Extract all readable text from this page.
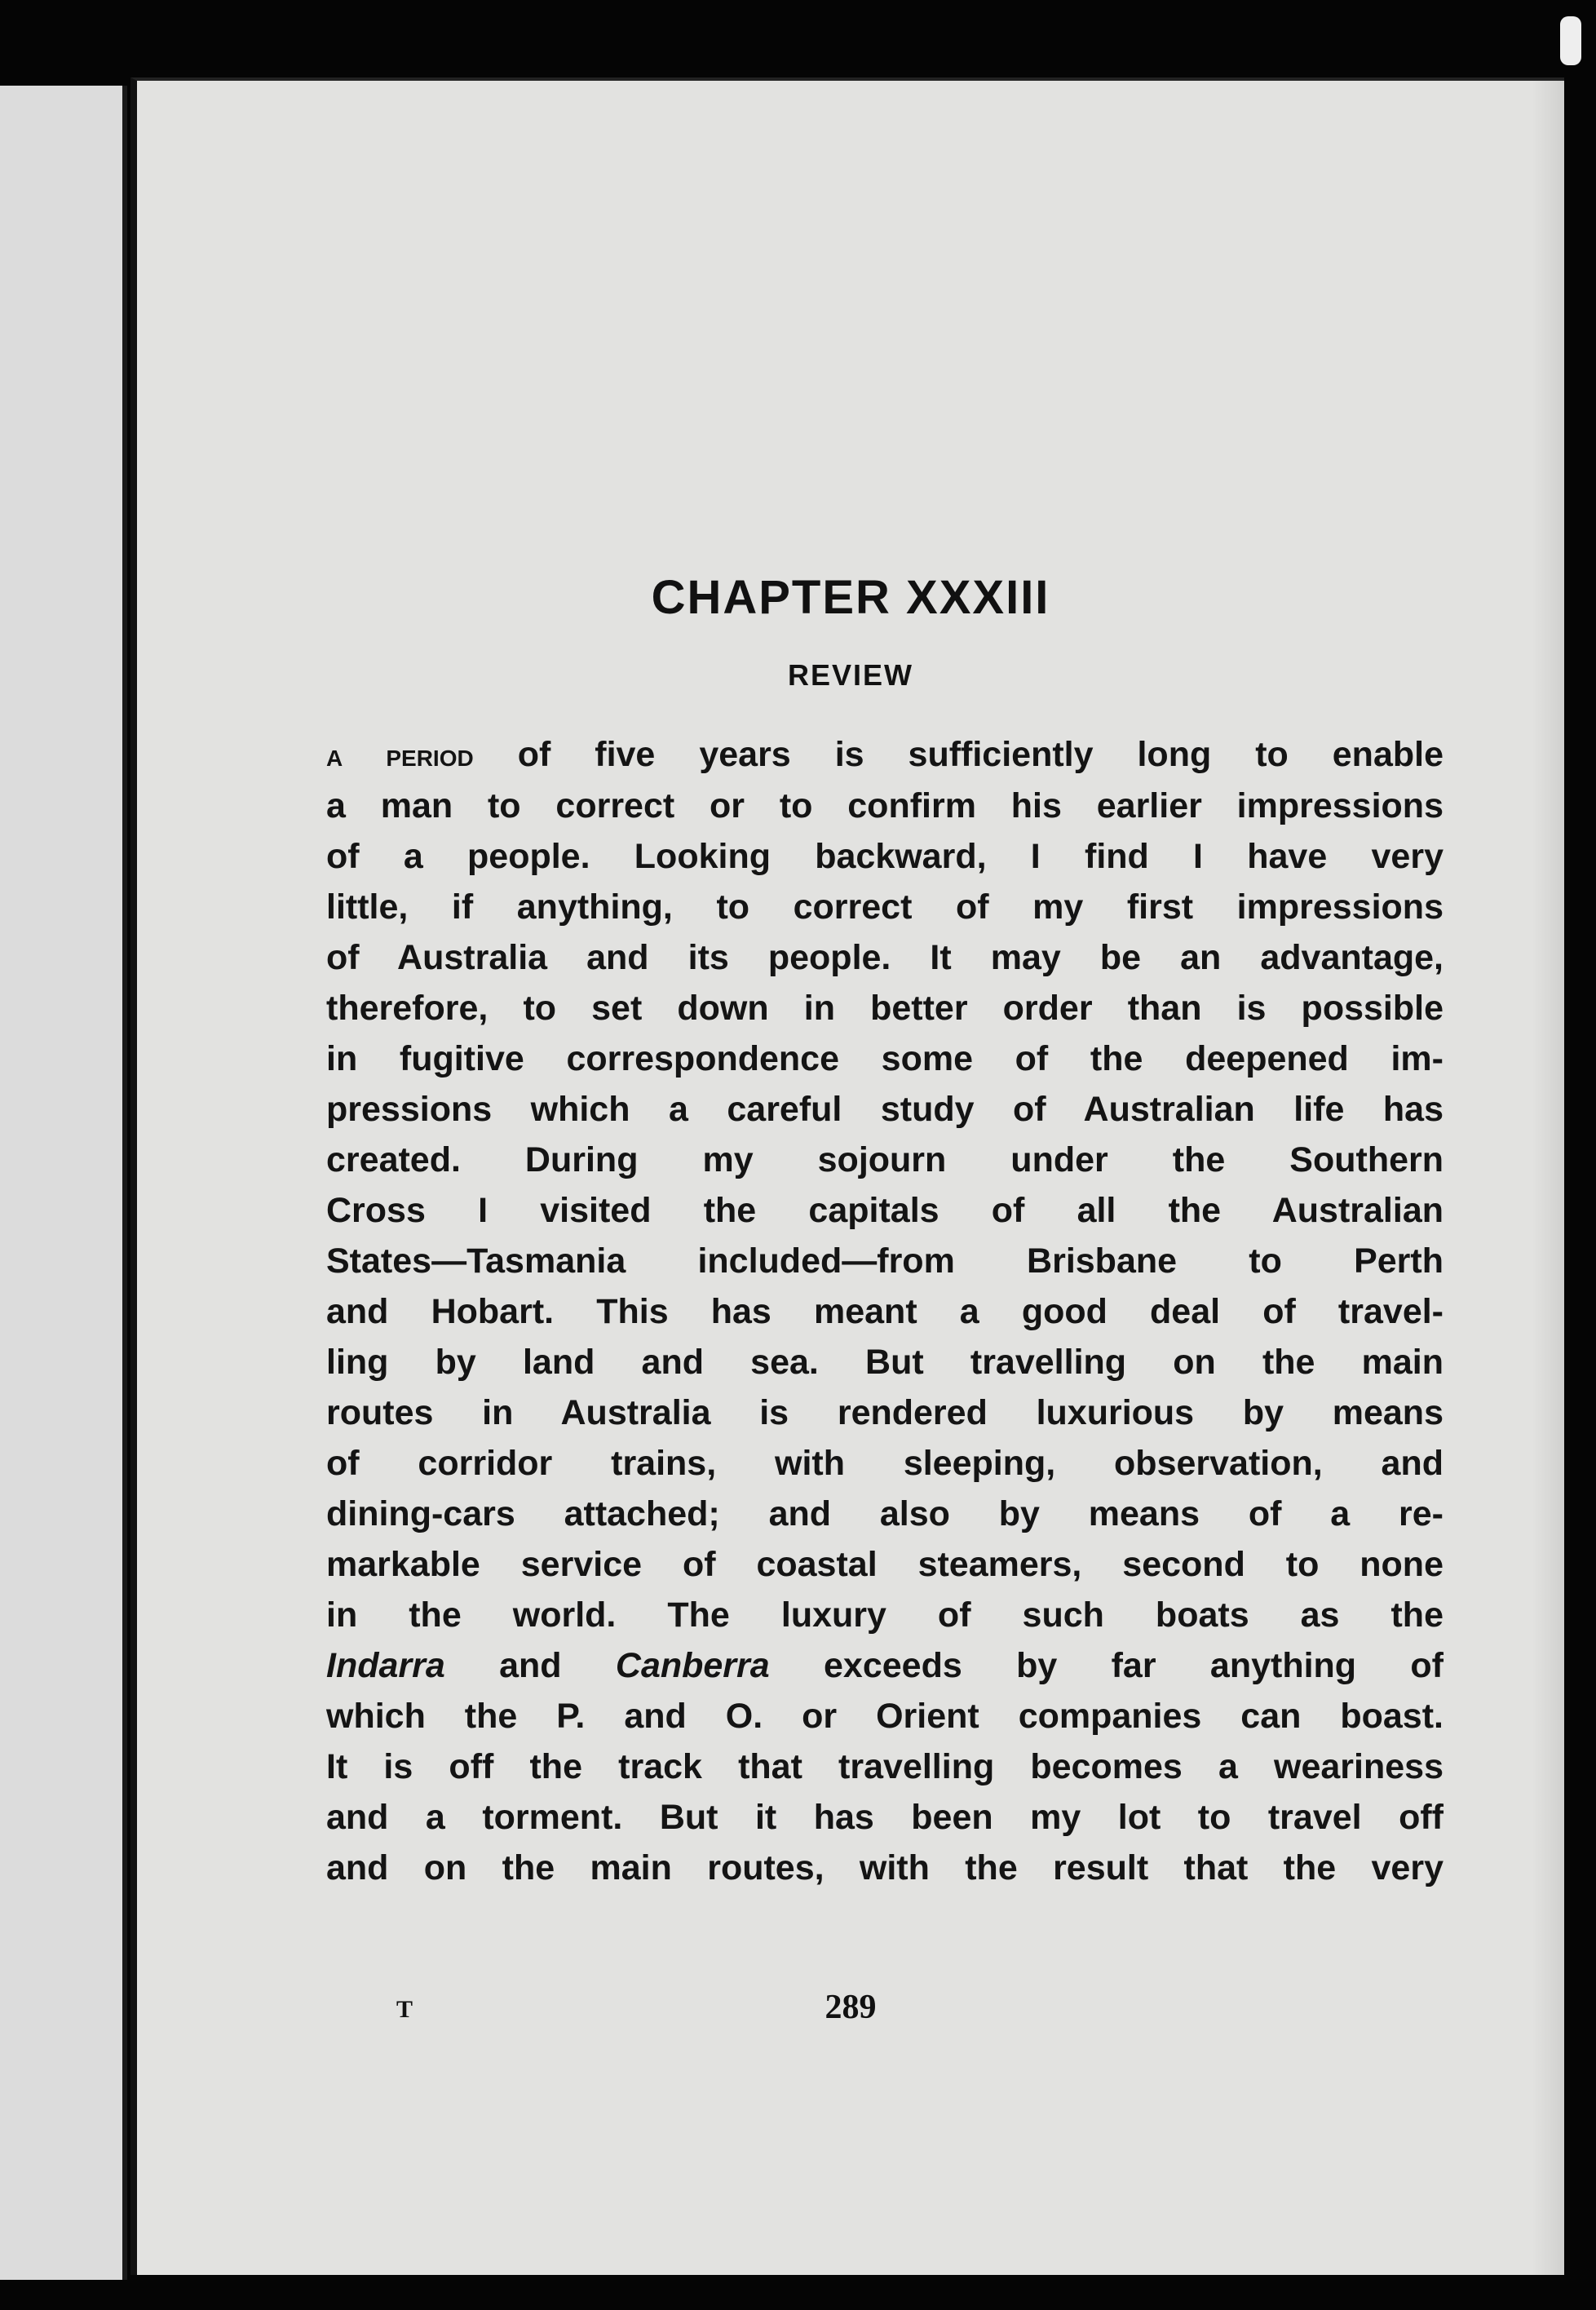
CHAPTER XXXIII
REVIEW
a period of five years is sufficiently long to enable
a man to correct or to confirm his earlier impressions
of a people. Looking backward, I find I have very
little, if anything, to correct of my first impressions
of Australia and its people. It may be an advantage,
therefore, to set down in better order than is possible
in fugitive correspondence some of the deepened im-
pressions which a careful study of Australian life has
created. During my sojourn under the Southern
Cross I visited the capitals of all the Australian
States—Tasmania included—from Brisbane to Perth
and Hobart. This has meant a good deal of travel-
ling by land and sea. But travelling on the main
routes in Australia is rendered luxurious by means
of corridor trains, with sleeping, observation, and
dining-cars attached; and also by means of a re-
markable service of coastal steamers, second to none
in the world. The luxury of such boats as the
Indarra and Canberra exceeds by far anything of
which the P. and O. or Orient companies can boast.
It is off the track that travelling becomes a weariness
and a torment. But it has been my lot to travel off
and on the main routes, with the result that the very
T	289
